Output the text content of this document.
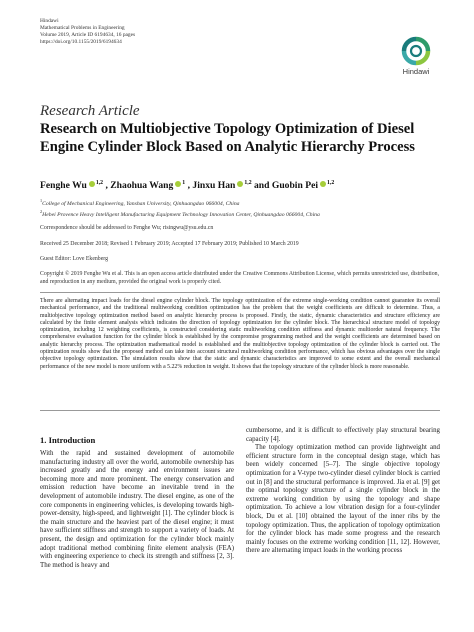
Hindawi
Mathematical Problems in Engineering
Volume 2019, Article ID 6194634, 16 pages
https://doi.org/10.1155/2019/6194634
Hindawi
Research Article
Research on Multiobjective Topology Optimization of Diesel Engine Cylinder Block Based on Analytic Hierarchy Process
Fenghe Wu $^{1,2}$ , Zhaohua Wang $^1$ , Jinxu Han $^{1,2}$ and Guobin Pei $^{1,2}$
$^1$College of Mechanical Engineering, Yanshan University, Qinhuangdao 066004, China
$^2$Hebei Provence Heavy Intelligent Manufacturing Equipment Technology Innovation Center, Qinhuangdao 066004, China
Correspondence should be addressed to Fenghe Wu; risingwu@ysu.edu.cn
Received 25 December 2018; Revised 1 February 2019; Accepted 17 February 2019; Published 10 March 2019
Guest Editor: Love Ekenberg
Copyright © 2019 Fenghe Wu et al. This is an open access article distributed under the Creative Commons Attribution License, which permits unrestricted use, distribution, and reproduction in any medium, provided the original work is properly cited.
There are alternating impact loads for the diesel engine cylinder block. The topology optimization of the extreme single-working condition cannot guarantee its overall mechanical performance, and the traditional multiworking condition optimization has the problem that the weight coefficients are difficult to determine. Thus, a multiobjective topology optimization method based on analytic hierarchy process is proposed. Firstly, the static, dynamic characteristics and structure efficiency are calculated by the finite element analysis which indicates the direction of topology optimization for the cylinder block. The hierarchical structure model of topology optimization, including 12 weighting coefficients, is constructed considering static multiworking condition stiffness and dynamic multiorder natural frequency. The comprehensive evaluation function for the cylinder block is established by the compromise programming method and the weight coefficients are determined based on analytic hierarchy process. The optimization mathematical model is established and the multiobjective topology optimization of the cylinder block is carried out. The optimization results show that the proposed method can take into account structural multiworking condition performance, which has obvious advantages over the single objective topology optimization. The simulation results show that the static and dynamic characteristics are improved to some extent and the overall mechanical performance of the new model is more uniform with a 5.22% reduction in weight. It shows that the topology structure of the cylinder block is more reasonable.
1. Introduction

With the rapid and sustained development of automobile manufacturing industry all over the world, automobile ownership has increased greatly and the energy and environment issues are becoming more and more prominent. The energy conservation and emission reduction have become an inevitable trend in the development of automobile industry. The diesel engine, as one of the core components in engineering vehicles, is developing towards high-power-density, high-speed, and lightweight [1]. The cylinder block is the main structure and the heaviest part of the diesel engine; it must have sufficient stiffness and strength to support a variety of loads. At present, the design and optimization for the cylinder block mainly adopt traditional method combining finite element analysis (FEA) with engineering experience to check its strength and stiffness [2, 3]. The method is heavy and

cumbersome, and it is difficult to effectively play structural bearing capacity [4].

The topology optimization method can provide lightweight and efficient structure form in the conceptual design stage, which has been widely concerned [5–7]. The single objective topology optimization for a V-type two-cylinder diesel cylinder block is carried out in [8] and the structural performance is improved. Jia et al. [9] get the optimal topology structure of a single cylinder block in the extreme working condition by using the topology and shape optimization. To achieve a low vibration design for a four-cylinder block, Du et al. [10] obtained the layout of the inner ribs by the topology optimization. Thus, the application of topology optimization for the cylinder block has made some progress and the research mainly focuses on the extreme working condition [11, 12]. However, there are alternating impact loads in the working process
